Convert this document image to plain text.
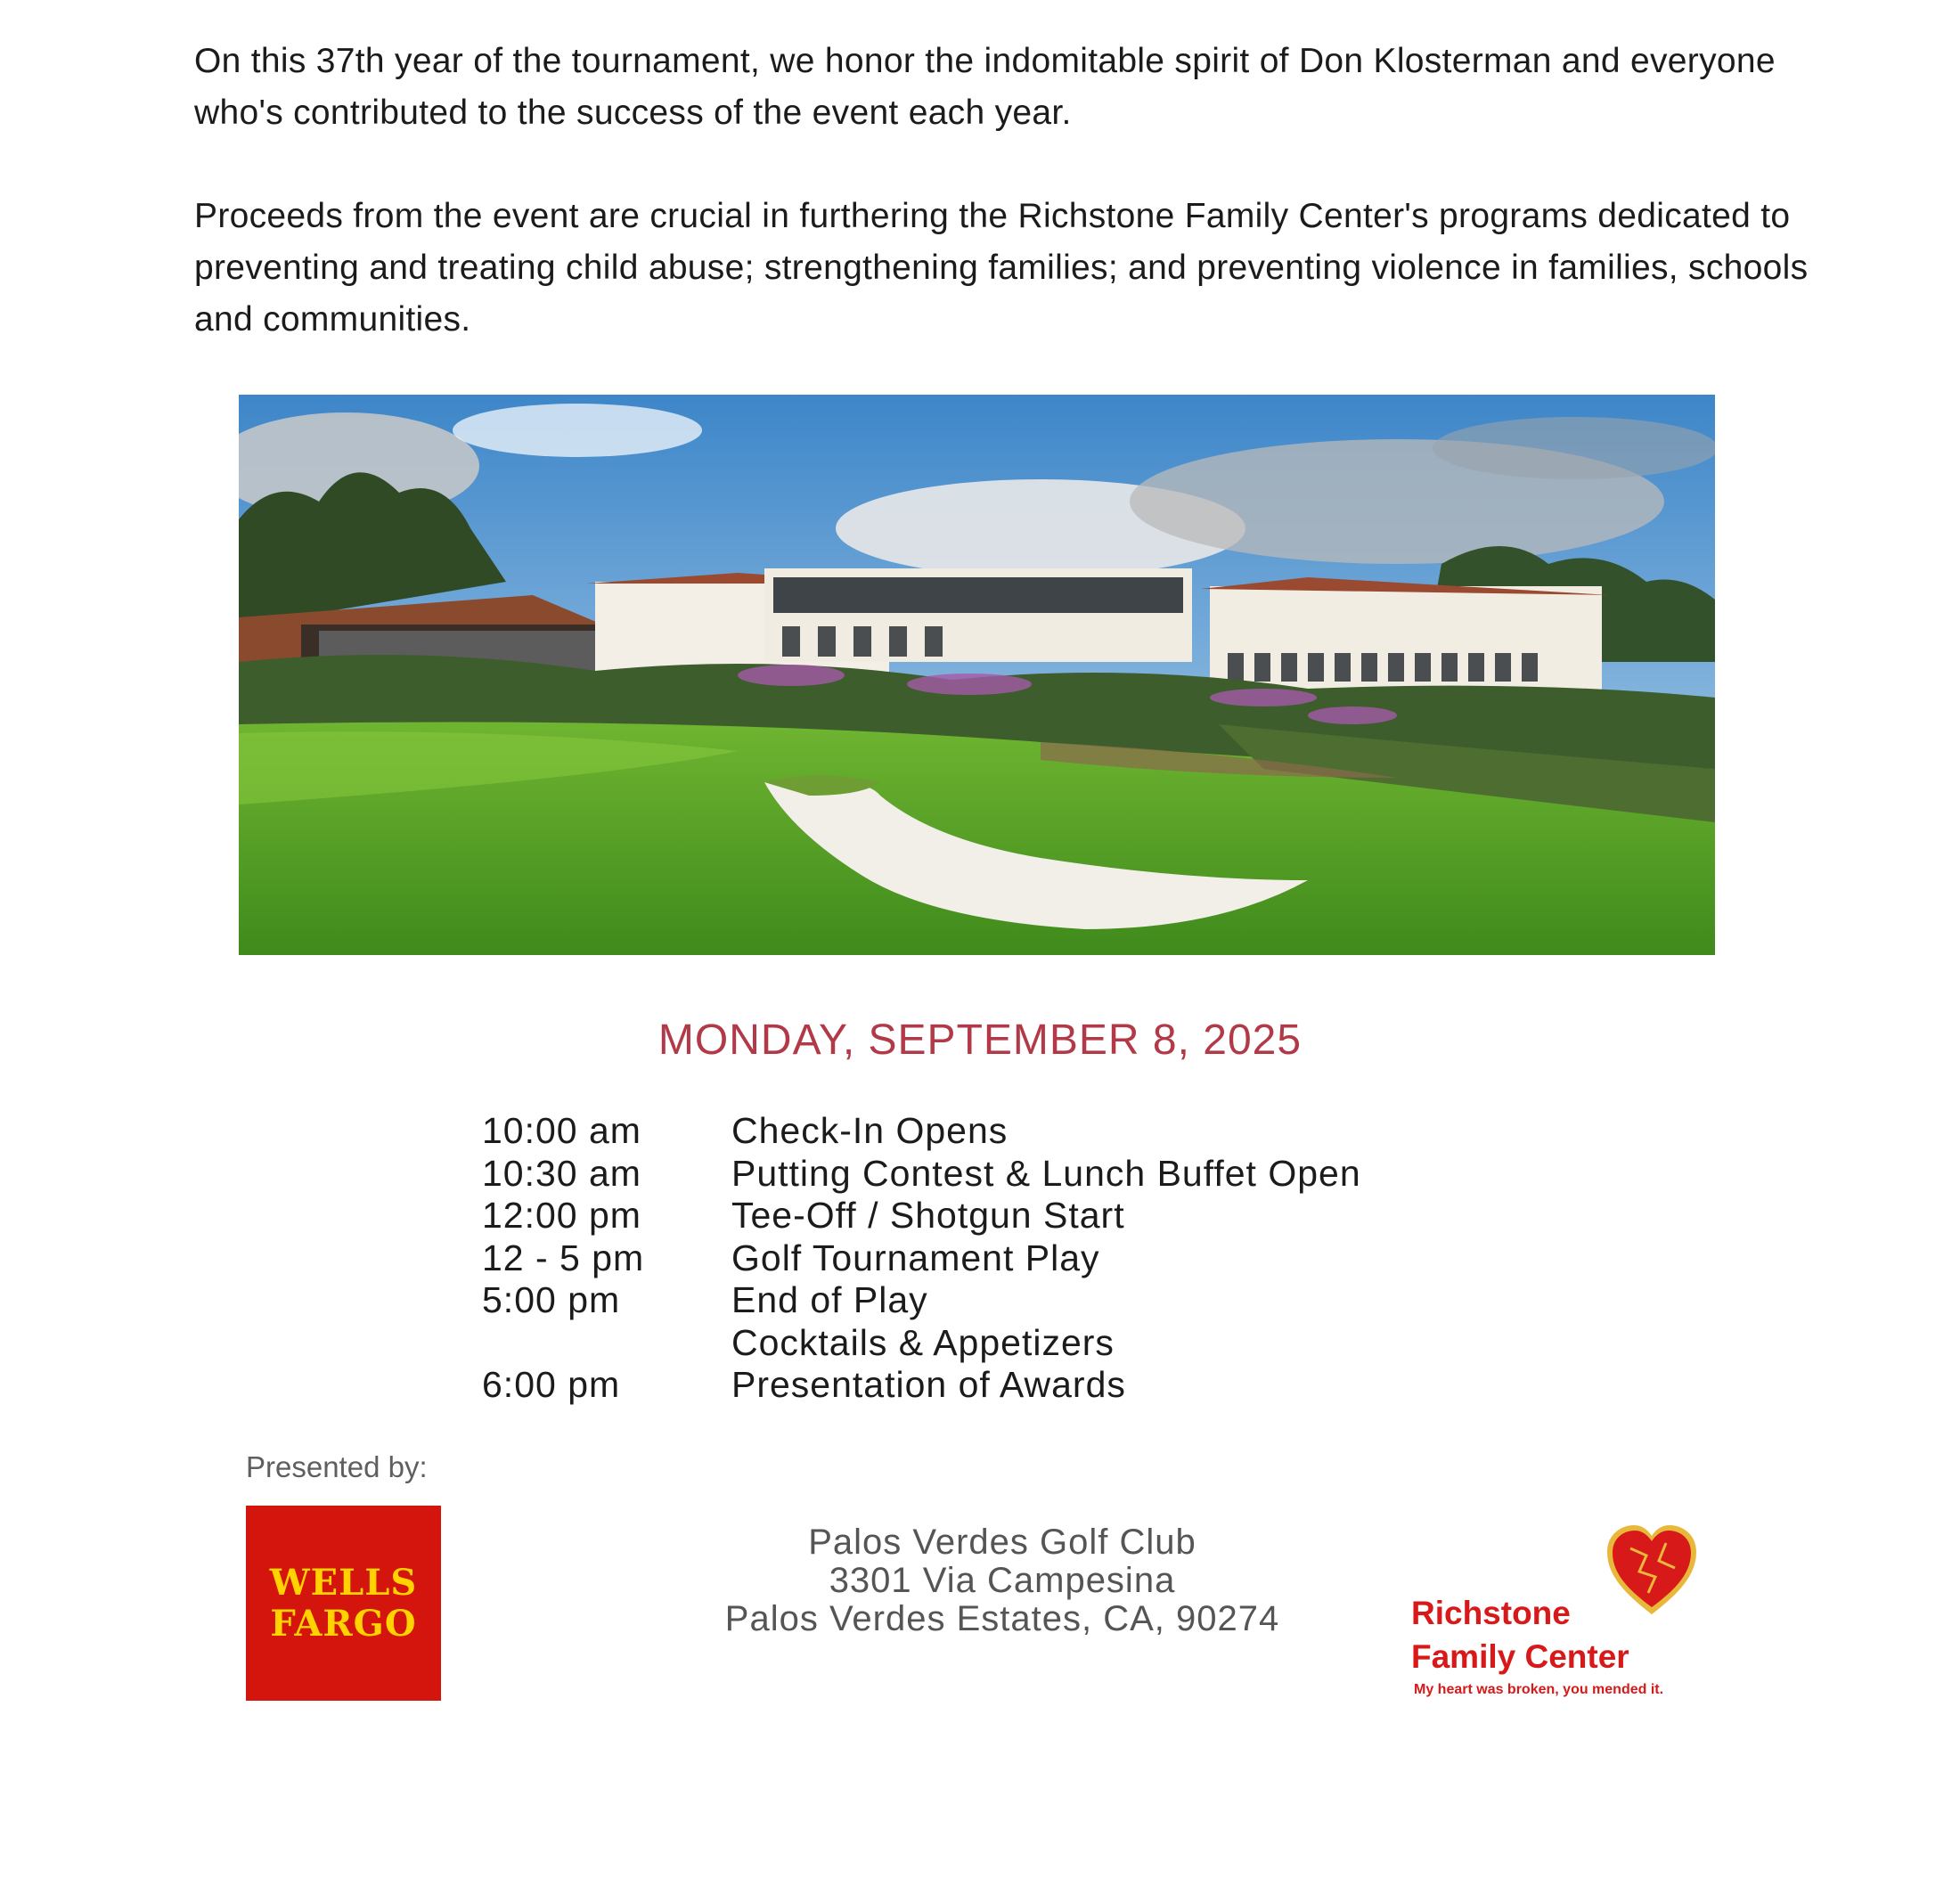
On this 37th year of the tournament, we honor the indomitable spirit of Don Klosterman and everyone who's contributed to the success of the event each year.

Proceeds from the event are crucial in furthering the Richstone Family Center's programs dedicated to preventing and treating child abuse; strengthening families; and preventing violence in families, schools and communities.

MONDAY, SEPTEMBER 8, 2025
10:00 am Check-In Opens
10:30 am Putting Contest & Lunch Buffet Open
12:00 pm Tee-Off / Shotgun Start
12 - 5 pm Golf Tournament Play
5:00 pm	End of Play
Cocktails & Appetizers
6:00 pm	Presentation of Awards
Presented by:
WELLS
FARGO
Palos Verdes Golf Club
3301 Via Campesina
Palos Verdes Estates, CA, 90274	Richstone
Family Center
My heart was broken, you mended it.
